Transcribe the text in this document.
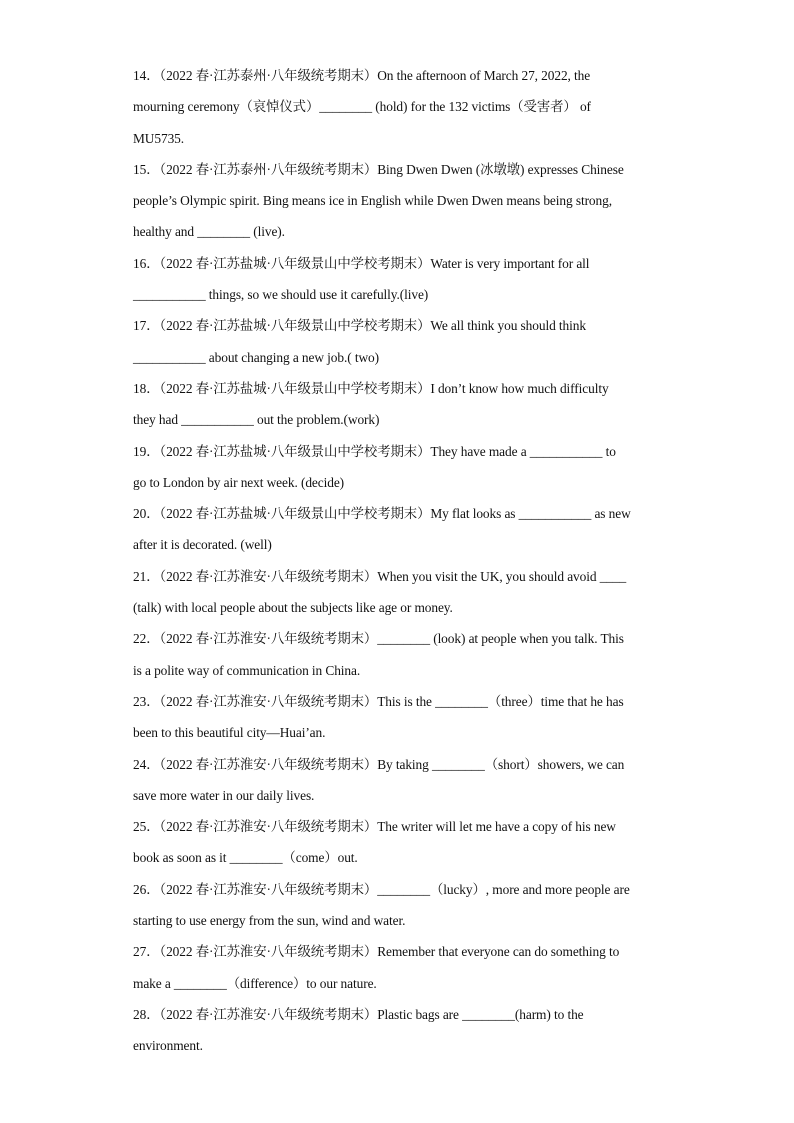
14．（2022 春·江苏泰州·八年级统考期末）On the afternoon of March 27, 2022, the
mourning ceremony（哀悼仪式）________ (hold) for the 132 victims（受害者） of
MU5735.
15．（2022 春·江苏泰州·八年级统考期末）Bing Dwen Dwen (冰墩墩) expresses Chinese
people’s Olympic spirit. Bing means ice in English while Dwen Dwen means being strong,
healthy and ________ (live).
16．（2022 春·江苏盐城·八年级景山中学校考期末）Water is very important for all
___________ things, so we should use it carefully.(live)
17．（2022 春·江苏盐城·八年级景山中学校考期末）We all think you should think
___________ about changing a new job.( two)
18．（2022 春·江苏盐城·八年级景山中学校考期末）I don’t know how much difficulty
they had ___________ out the problem.(work)
19．（2022 春·江苏盐城·八年级景山中学校考期末）They have made a ___________ to
go to London by air next week. (decide)
20．（2022 春·江苏盐城·八年级景山中学校考期末）My flat looks as ___________ as new
after it is decorated. (well)
21．（2022 春·江苏淮安·八年级统考期末）When you visit the UK, you should avoid ____
(talk) with local people about the subjects like age or money.
22．（2022 春·江苏淮安·八年级统考期末）________ (look) at people when you talk. This
is a polite way of communication in China.
23．（2022 春·江苏淮安·八年级统考期末）This is the ________（three）time that he has
been to this beautiful city—Huai’an.
24．（2022 春·江苏淮安·八年级统考期末）By taking ________（short）showers, we can
save more water in our daily lives.
25．（2022 春·江苏淮安·八年级统考期末）The writer will let me have a copy of his new
book as soon as it ________（come）out.
26．（2022 春·江苏淮安·八年级统考期末）________（lucky）, more and more people are
starting to use energy from the sun, wind and water.
27．（2022 春·江苏淮安·八年级统考期末）Remember that everyone can do something to
make a ________（difference）to our nature.
28．（2022 春·江苏淮安·八年级统考期末）Plastic bags are ________(harm) to the
environment.
